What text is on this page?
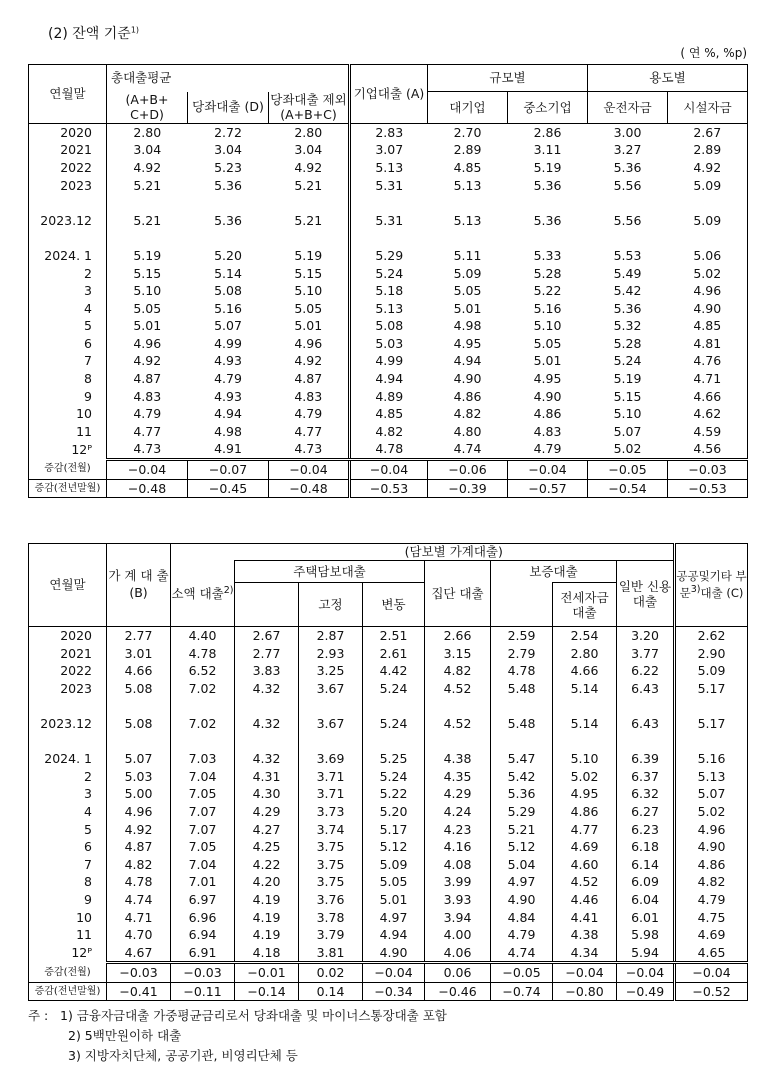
(2) 잔액 기준$^{1)}$
( 연 %, %p)
연월말	총대출평균			기업대출 (A)	규모별		용도별	
	(A+B+ C+D)	당좌대출 (D)	당좌대출 제외 (A+B+C)		대기업	중소기업	운전자금	시설자금

2020	2.80	2.72	2.80	2.83	2.70	2.86	3.00	2.67
2021	3.04	3.04	3.04	3.07	2.89	3.11	3.27	2.89
2022	4.92	5.23	4.92	5.13	4.85	5.19	5.36	4.92
2023	5.21	5.36	5.21	5.31	5.13	5.36	5.56	5.09

2023.12	5.21	5.36	5.21	5.31	5.13	5.36	5.56	5.09

2024. 1	5.19	5.20	5.19	5.29	5.11	5.33	5.53	5.06
2	5.15	5.14	5.15	5.24	5.09	5.28	5.49	5.02
3	5.10	5.08	5.10	5.18	5.05	5.22	5.42	4.96
4	5.05	5.16	5.05	5.13	5.01	5.16	5.36	4.90
5	5.01	5.07	5.01	5.08	4.98	5.10	5.32	4.85
6	4.96	4.99	4.96	5.03	4.95	5.05	5.28	4.81
7	4.92	4.93	4.92	4.99	4.94	5.01	5.24	4.76
8	4.87	4.79	4.87	4.94	4.90	4.95	5.19	4.71
9	4.83	4.93	4.83	4.89	4.86	4.90	5.15	4.66
10	4.79	4.94	4.79	4.85	4.82	4.86	5.10	4.62
11	4.77	4.98	4.77	4.82	4.80	4.83	5.07	4.59
12ᴾ	4.73	4.91	4.73	4.78	4.74	4.79	5.02	4.56
증감(전월)	−0.04	−0.07	−0.04	−0.04	−0.06	−0.04	−0.05	−0.03
증감(전년말월)	−0.48	−0.45	−0.48	−0.53	−0.39	−0.57	−0.54	−0.53
연월말	가 계 대 출 (B)		(담보별 가계대출)							공공및기타 부문$^{3)}$대출 (C)
		소액 대출$^{2)}$	주택담보대출			집단 대출	보증대출		일반 신용 대출	
				고정	변동			전세자금 대출		
2020	2.77	4.40	2.67	2.87	2.51	2.66	2.59	2.54	3.20	2.62
2021	3.01	4.78	2.77	2.93	2.61	3.15	2.79	2.80	3.77	2.90
2022	4.66	6.52	3.83	3.25	4.42	4.82	4.78	4.66	6.22	5.09
2023	5.08	7.02	4.32	3.67	5.24	4.52	5.48	5.14	6.43	5.17

2023.12	5.08	7.02	4.32	3.67	5.24	4.52	5.48	5.14	6.43	5.17

2024. 1	5.07	7.03	4.32	3.69	5.25	4.38	5.47	5.10	6.39	5.16
2	5.03	7.04	4.31	3.71	5.24	4.35	5.42	5.02	6.37	5.13
3	5.00	7.05	4.30	3.71	5.22	4.29	5.36	4.95	6.32	5.07
4	4.96	7.07	4.29	3.73	5.20	4.24	5.29	4.86	6.27	5.02
5	4.92	7.07	4.27	3.74	5.17	4.23	5.21	4.77	6.23	4.96
6	4.87	7.05	4.25	3.75	5.12	4.16	5.12	4.69	6.18	4.90
7	4.82	7.04	4.22	3.75	5.09	4.08	5.04	4.60	6.14	4.86
8	4.78	7.01	4.20	3.75	5.05	3.99	4.97	4.52	6.09	4.82
9	4.74	6.97	4.19	3.76	5.01	3.93	4.90	4.46	6.04	4.79
10	4.71	6.96	4.19	3.78	4.97	3.94	4.84	4.41	6.01	4.75
11	4.70	6.94	4.19	3.79	4.94	4.00	4.79	4.38	5.98	4.69
12ᴾ	4.67	6.91	4.18	3.81	4.90	4.06	4.74	4.34	5.94	4.65
증감(전월)	−0.03	−0.03	−0.01	0.02	−0.04	0.06	−0.05	−0.04	−0.04	−0.04
증감(전년말월)	−0.41	−0.11	−0.14	0.14	−0.34	−0.46	−0.74	−0.80	−0.49	−0.52
주 : 1) 금융자금대출 가중평균금리로서 당좌대출 및 마이너스통장대출 포함
2) 5백만원이하 대출
3) 지방자치단체, 공공기관, 비영리단체 등
